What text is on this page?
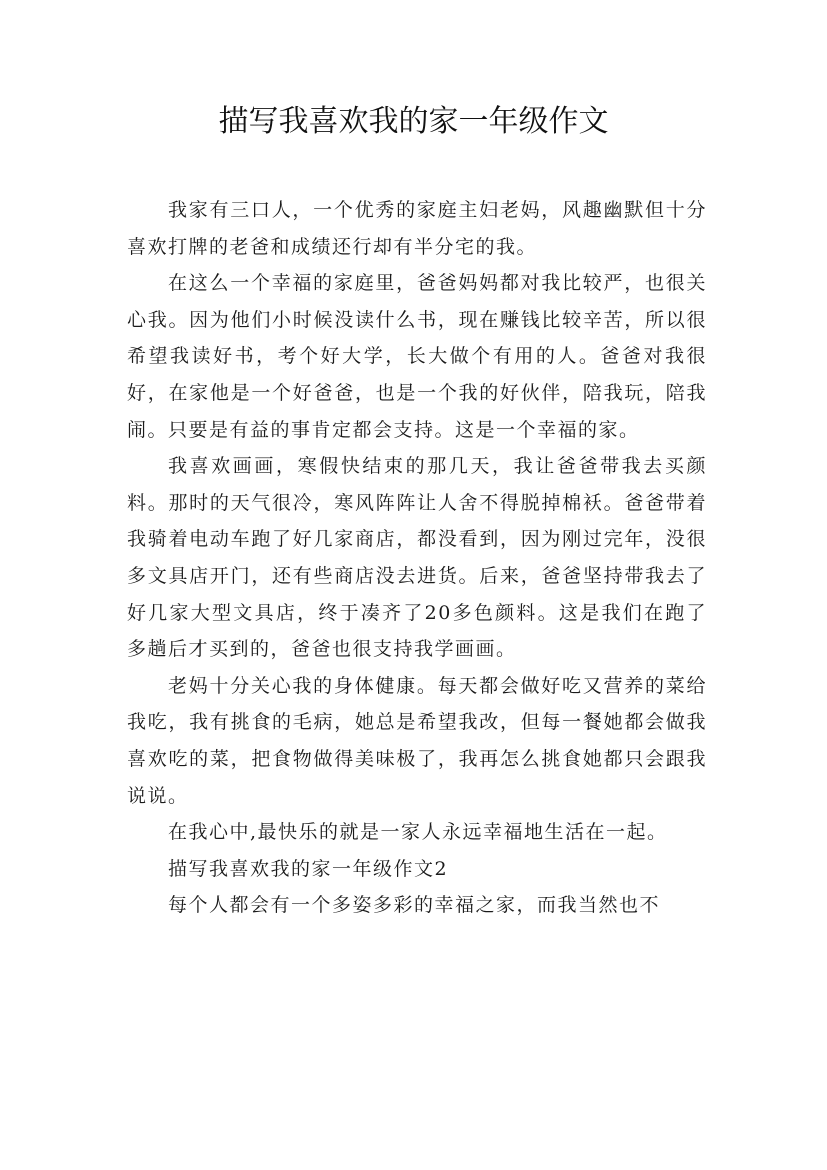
描写我喜欢我的家一年级作文

我家有三口人，一个优秀的家庭主妇老妈，风趣幽默但十分喜欢打牌的老爸和成绩还行却有半分宅的我。

在这么一个幸福的家庭里，爸爸妈妈都对我比较严，也很关心我。因为他们小时候没读什么书，现在赚钱比较辛苦，所以很希望我读好书，考个好大学，长大做个有用的人。爸爸对我很好，在家他是一个好爸爸，也是一个我的好伙伴，陪我玩，陪我闹。只要是有益的事肯定都会支持。这是一个幸福的家。

我喜欢画画，寒假快结束的那几天，我让爸爸带我去买颜料。那时的天气很冷，寒风阵阵让人舍不得脱掉棉袄。爸爸带着我骑着电动车跑了好几家商店，都没看到，因为刚过完年，没很多文具店开门，还有些商店没去进货。后来，爸爸坚持带我去了好几家大型文具店，终于凑齐了20多色颜料。这是我们在跑了多趟后才买到的，爸爸也很支持我学画画。

老妈十分关心我的身体健康。每天都会做好吃又营养的菜给我吃，我有挑食的毛病，她总是希望我改，但每一餐她都会做我喜欢吃的菜，把食物做得美味极了，我再怎么挑食她都只会跟我说说。

在我心中,最快乐的就是一家人永远幸福地生活在一起。

描写我喜欢我的家一年级作文2

每个人都会有一个多姿多彩的幸福之家，而我当然也不
